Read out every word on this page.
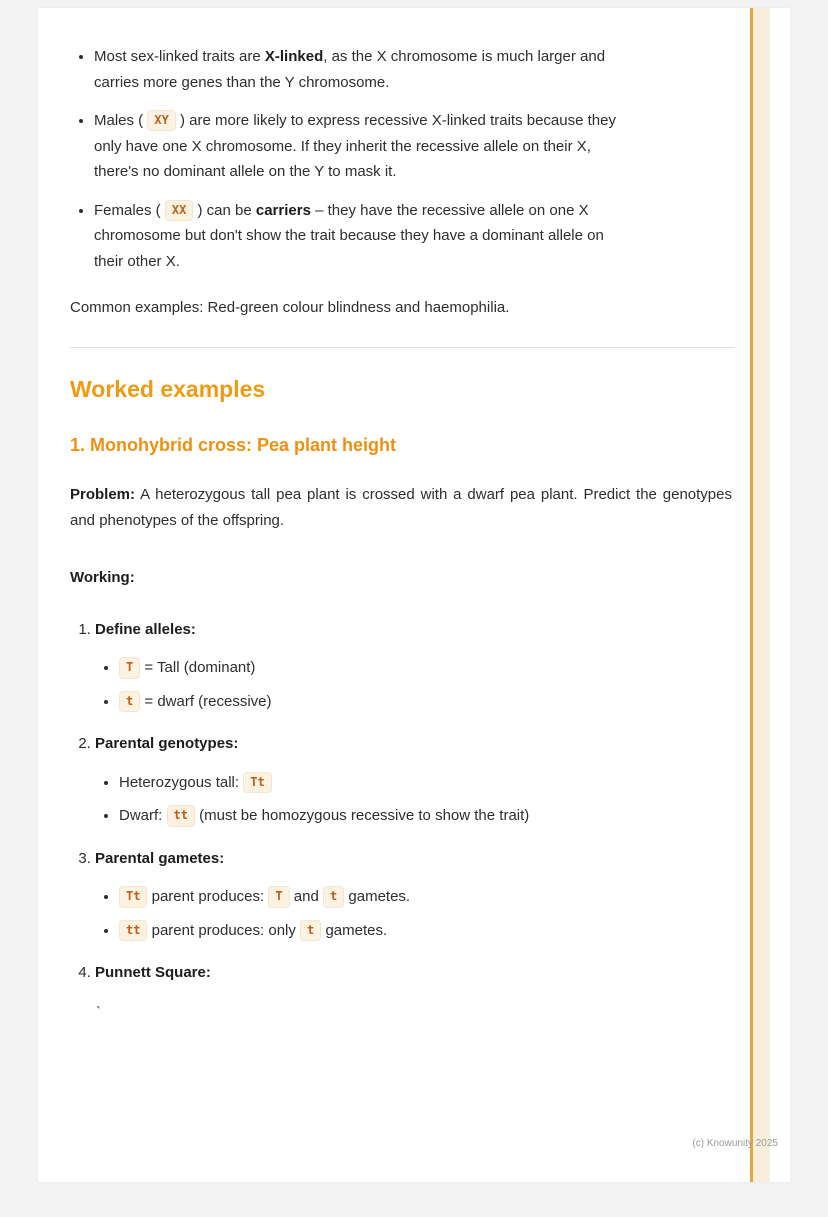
• Most sex-linked traits are X-linked, as the X chromosome is much larger and carries more genes than the Y chromosome.
• Males ( XY ) are more likely to express recessive X-linked traits because they only have one X chromosome. If they inherit the recessive allele on their X, there's no dominant allele on the Y to mask it.
• Females ( XX ) can be carriers – they have the recessive allele on one X chromosome but don't show the trait because they have a dominant allele on their other X.

Common examples: Red-green colour blindness and haemophilia.

Worked examples
1. Monohybrid cross: Pea plant height

Problem: A heterozygous tall pea plant is crossed with a dwarf pea plant. Predict the genotypes and phenotypes of the offspring.

Working:

1. Define alleles:
• T = Tall (dominant)
• t = dwarf (recessive)
2. Parental genotypes:
• Heterozygous tall: Tt
• Dwarf: tt (must be homozygous recessive to show the trait)
3. Parental gametes:
• Tt parent produces: T and t gametes.
• tt parent produces: only t gametes.
4. Punnett Square:
`
(c) Knowunity 2025
